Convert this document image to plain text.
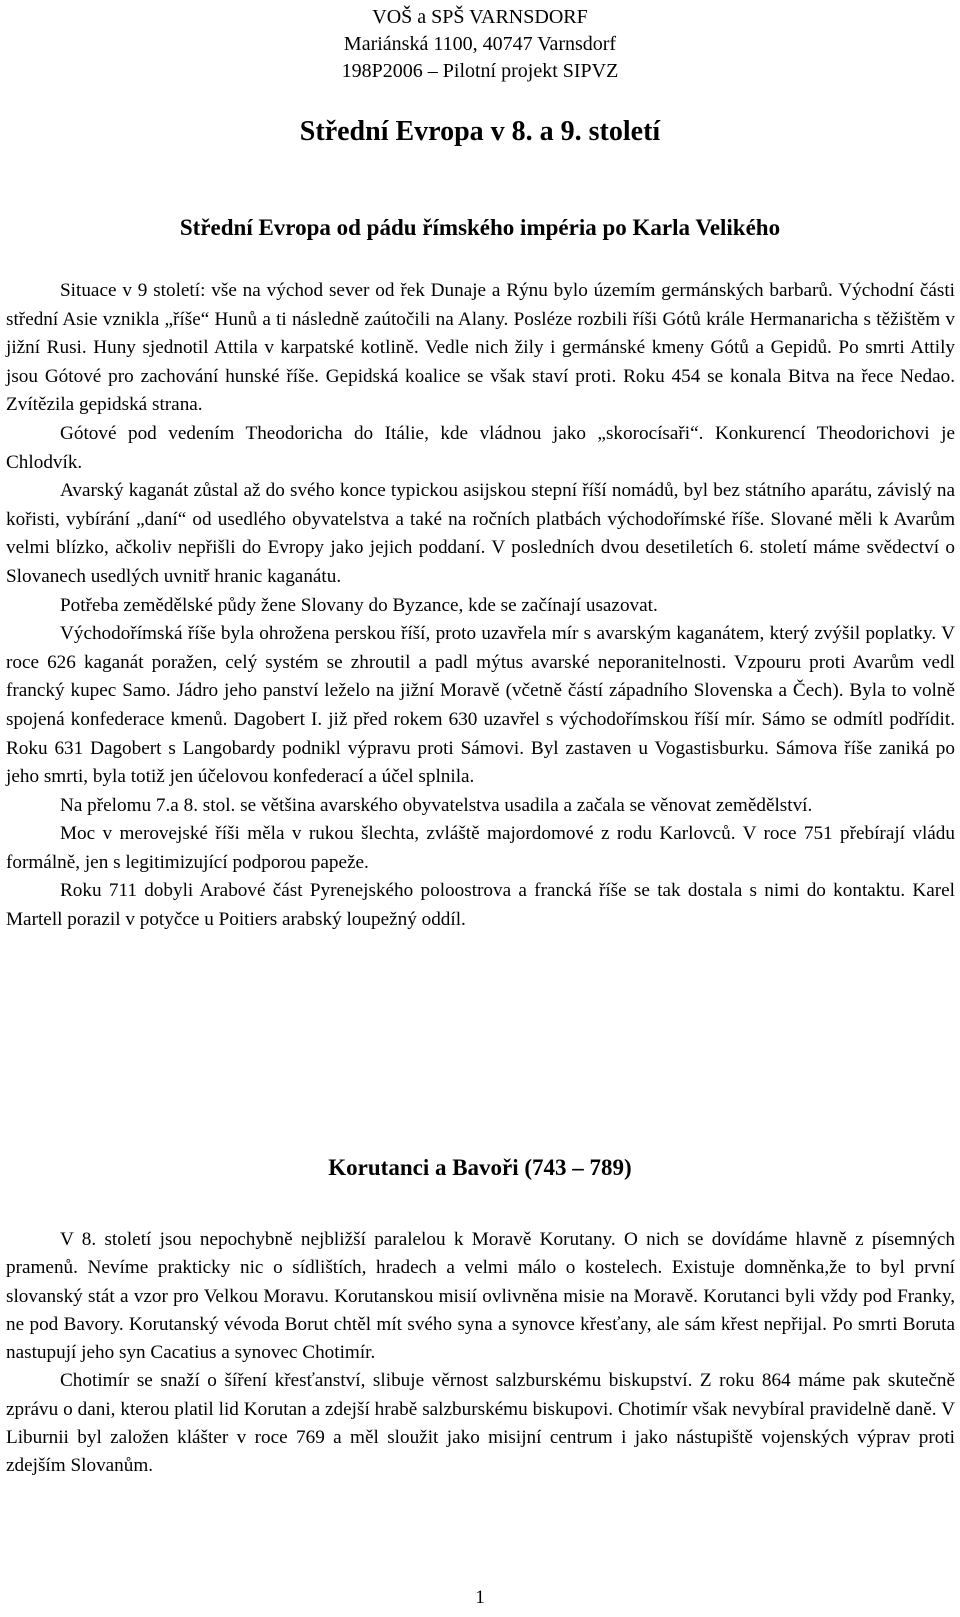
VOŠ a SPŠ VARNSDORF
Mariánská 1100, 40747 Varnsdorf
198P2006 – Pilotní projekt SIPVZ
Střední Evropa v 8. a 9. století
Střední Evropa od pádu římského impéria po Karla Velikého

Situace v 9 století: vše na východ sever od řek Dunaje a Rýnu bylo územím germánských barbarů. Východní části střední Asie vznikla „říše“ Hunů a ti následně zaútočili na Alany. Posléze rozbili říši Gótů krále Hermanaricha s těžištěm v jižní Rusi. Huny sjednotil Attila v karpatské kotlině. Vedle nich žily i germánské kmeny Gótů a Gepidů. Po smrti Attily jsou Gótové pro zachování hunské říše. Gepidská koalice se však staví proti. Roku 454 se konala Bitva na řece Nedao. Zvítězila gepidská strana.

Gótové pod vedením Theodoricha do Itálie, kde vládnou jako „skorocísaři“. Konkurencí Theodorichovi je Chlodvík.

Avarský kaganát zůstal až do svého konce typickou asijskou stepní říší nomádů, byl bez státního aparátu, závislý na kořisti, vybírání „daní“ od usedlého obyvatelstva a také na ročních platbách východořímské říše. Slované měli k Avarům velmi blízko, ačkoliv nepřišli do Evropy jako jejich poddaní. V posledních dvou desetiletích 6. století máme svědectví o Slovanech usedlých uvnitř hranic kaganátu.

Potřeba zemědělské půdy žene Slovany do Byzance, kde se začínají usazovat.

Východořímská říše byla ohrožena perskou říší, proto uzavřela mír s avarským kaganátem, který zvýšil poplatky. V roce 626 kaganát poražen, celý systém se zhroutil a padl mýtus avarské neporanitelnosti. Vzpouru proti Avarům vedl francký kupec Samo. Jádro jeho panství leželo na jižní Moravě (včetně částí západního Slovenska a Čech). Byla to volně spojená konfederace kmenů. Dagobert I. již před rokem 630 uzavřel s východořímskou říší mír. Sámo se odmítl podřídit. Roku 631 Dagobert s Langobardy podnikl výpravu proti Sámovi. Byl zastaven u Vogastisburku. Sámova říše zaniká po jeho smrti, byla totiž jen účelovou konfederací a účel splnila.

Na přelomu 7.a 8. stol. se většina avarského obyvatelstva usadila a začala se věnovat zemědělství.

Moc v merovejské říši měla v rukou šlechta, zvláště majordomové z rodu Karlovců. V roce 751 přebírají vládu formálně, jen s legitimizující podporou papeže.

Roku 711 dobyli Arabové část Pyrenejského poloostrova a francká říše se tak dostala s nimi do kontaktu. Karel Martell porazil v potyčce u Poitiers arabský loupežný oddíl.

Korutanci a Bavoři (743 – 789)

V 8. století jsou nepochybně nejbližší paralelou k Moravě Korutany. O nich se dovídáme hlavně z písemných pramenů. Nevíme prakticky nic o sídlištích, hradech a velmi málo o kostelech. Existuje domněnka,že to byl první slovanský stát a vzor pro Velkou Moravu. Korutanskou misií ovlivněna misie na Moravě. Korutanci byli vždy pod Franky, ne pod Bavory. Korutanský vévoda Borut chtěl mít svého syna a synovce křesťany, ale sám křest nepřijal. Po smrti Boruta nastupují jeho syn Cacatius a synovec Chotimír.

Chotimír se snaží o šíření křesťanství, slibuje věrnost salzburskému biskupství. Z roku 864 máme pak skutečně zprávu o dani, kterou platil lid Korutan a zdejší hrabě salzburskému biskupovi. Chotimír však nevybíral pravidelně daně. V Liburnii byl založen klášter v roce 769 a měl sloužit jako misijní centrum i jako nástupiště vojenských výprav proti zdejším Slovanům.

1
